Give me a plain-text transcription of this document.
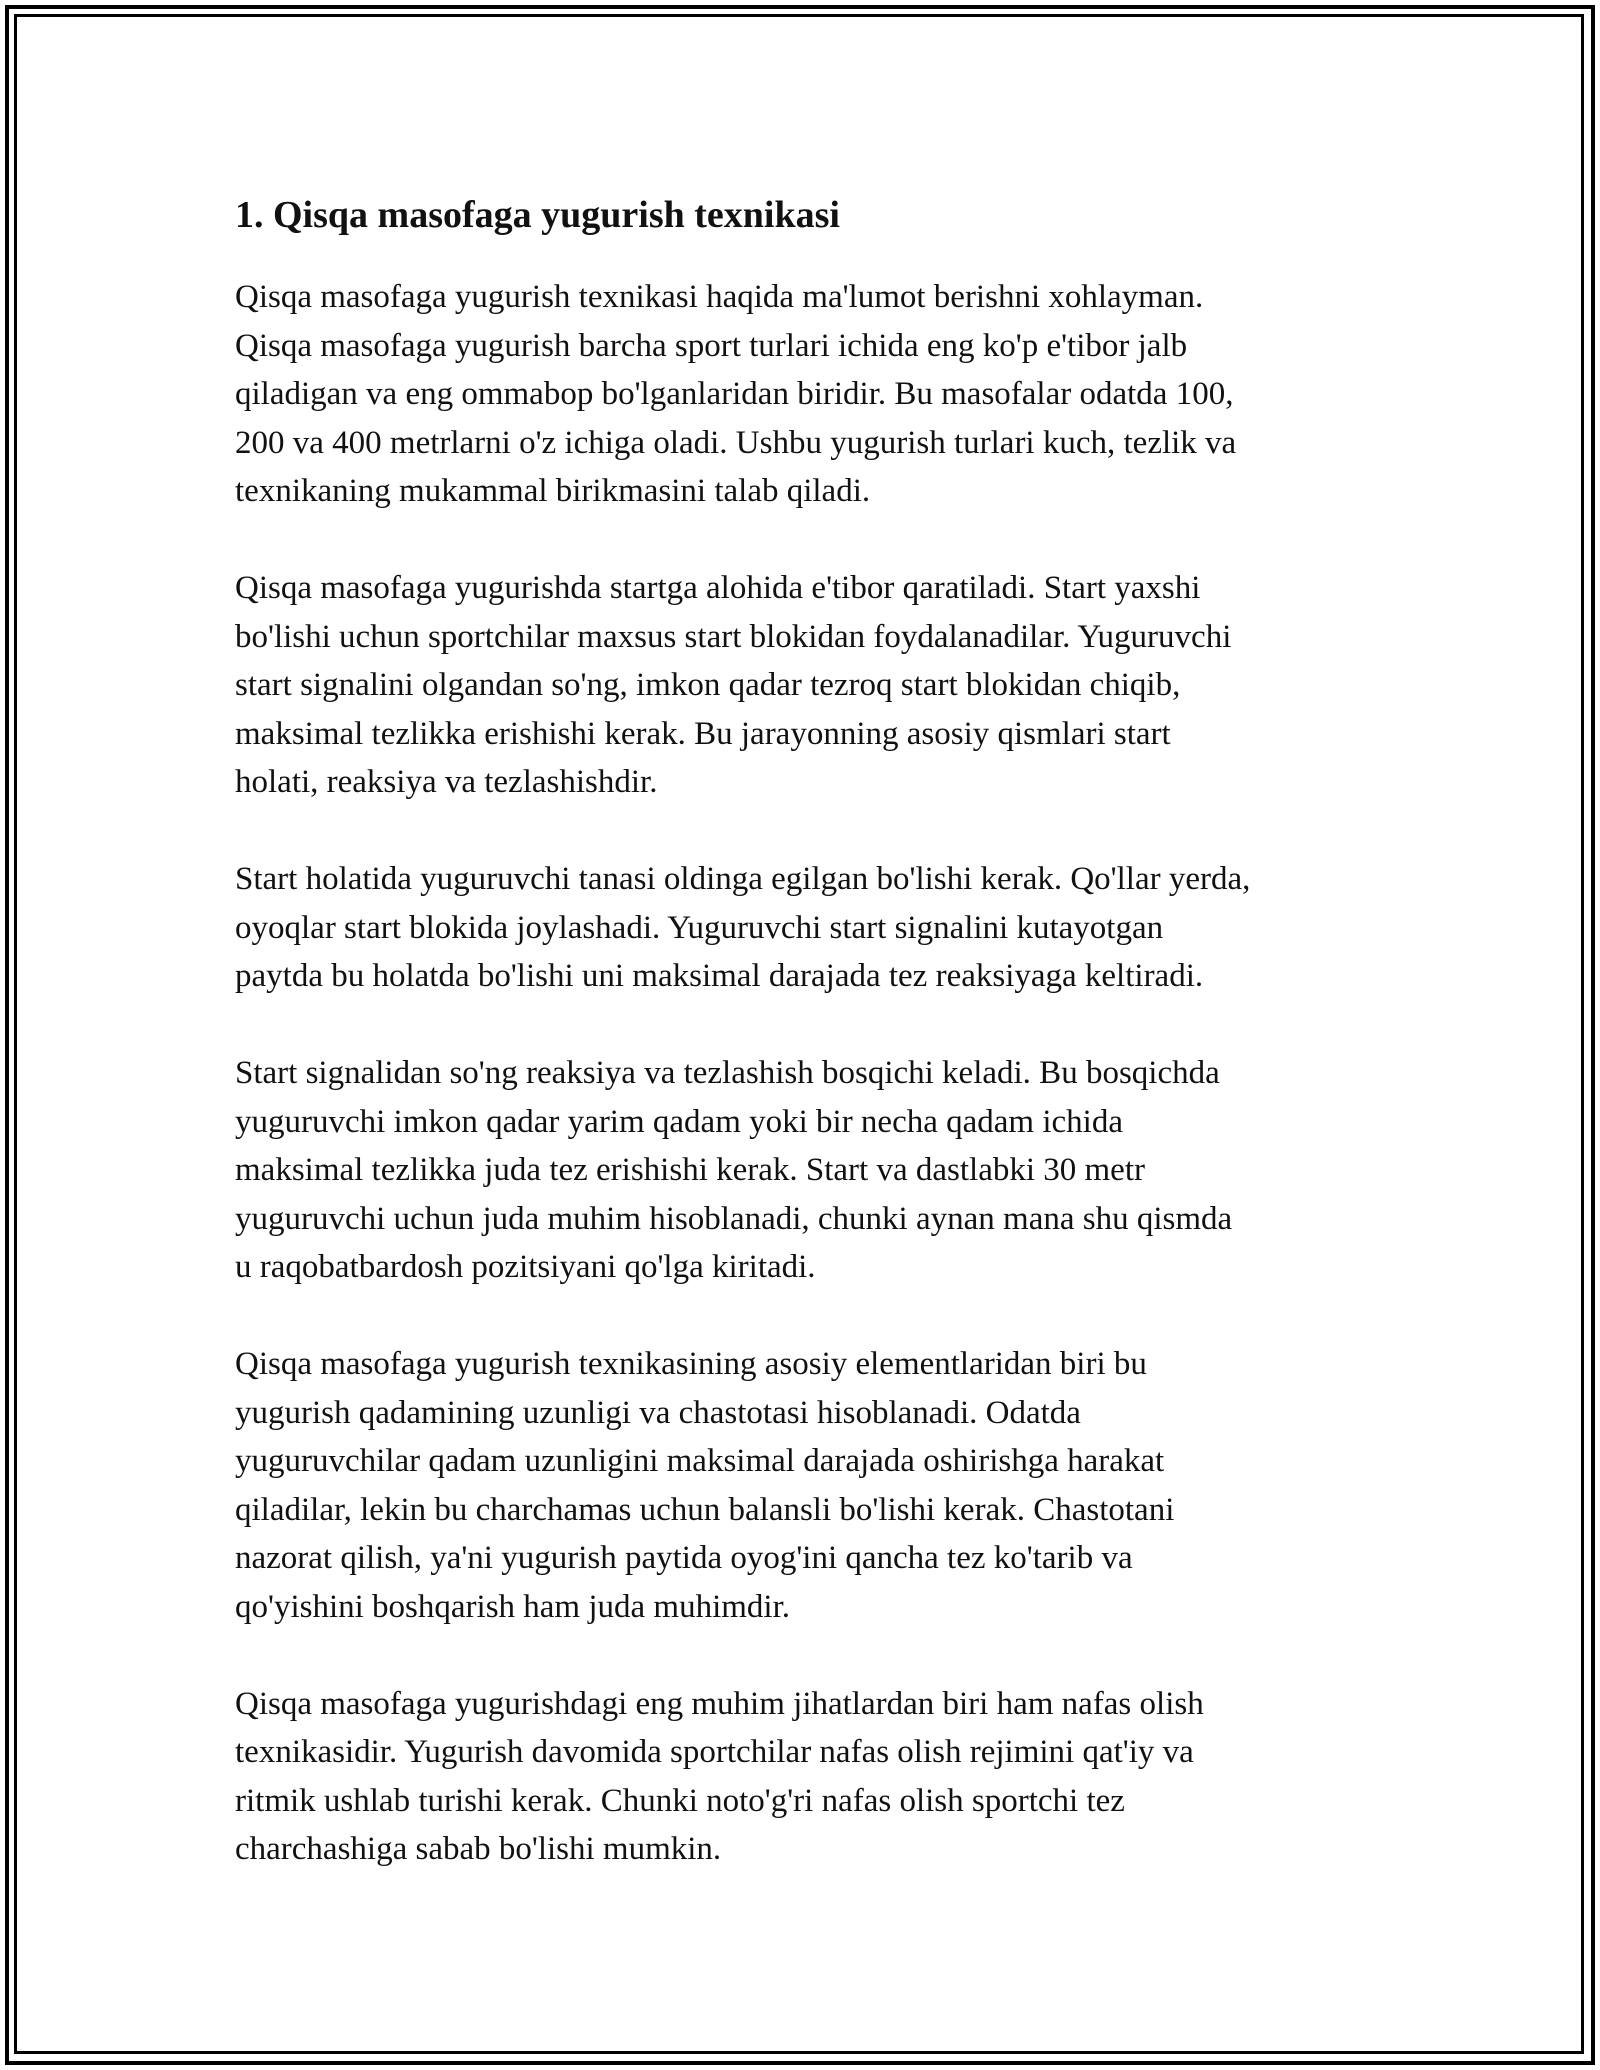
1. Qisqa masofaga yugurish texnikasi

Qisqa masofaga yugurish texnikasi haqida ma'lumot berishni xohlayman.
Qisqa masofaga yugurish barcha sport turlari ichida eng ko'p e'tibor jalb
qiladigan va eng ommabop bo'lganlaridan biridir. Bu masofalar odatda 100,
200 va 400 metrlarni o'z ichiga oladi. Ushbu yugurish turlari kuch, tezlik va
texnikaning mukammal birikmasini talab qiladi.

Qisqa masofaga yugurishda startga alohida e'tibor qaratiladi. Start yaxshi
bo'lishi uchun sportchilar maxsus start blokidan foydalanadilar. Yuguruvchi
start signalini olgandan so'ng, imkon qadar tezroq start blokidan chiqib,
maksimal tezlikka erishishi kerak. Bu jarayonning asosiy qismlari start
holati, reaksiya va tezlashishdir.

Start holatida yuguruvchi tanasi oldinga egilgan bo'lishi kerak. Qo'llar yerda,
oyoqlar start blokida joylashadi. Yuguruvchi start signalini kutayotgan
paytda bu holatda bo'lishi uni maksimal darajada tez reaksiyaga keltiradi.

Start signalidan so'ng reaksiya va tezlashish bosqichi keladi. Bu bosqichda
yuguruvchi imkon qadar yarim qadam yoki bir necha qadam ichida
maksimal tezlikka juda tez erishishi kerak. Start va dastlabki 30 metr
yuguruvchi uchun juda muhim hisoblanadi, chunki aynan mana shu qismda
u raqobatbardosh pozitsiyani qo'lga kiritadi.

Qisqa masofaga yugurish texnikasining asosiy elementlaridan biri bu
yugurish qadamining uzunligi va chastotasi hisoblanadi. Odatda
yuguruvchilar qadam uzunligini maksimal darajada oshirishga harakat
qiladilar, lekin bu charchamas uchun balansli bo'lishi kerak. Chastotani
nazorat qilish, ya'ni yugurish paytida oyog'ini qancha tez ko'tarib va
qo'yishini boshqarish ham juda muhimdir.

Qisqa masofaga yugurishdagi eng muhim jihatlardan biri ham nafas olish
texnikasidir. Yugurish davomida sportchilar nafas olish rejimini qat'iy va
ritmik ushlab turishi kerak. Chunki noto'g'ri nafas olish sportchi tez
charchashiga sabab bo'lishi mumkin.
